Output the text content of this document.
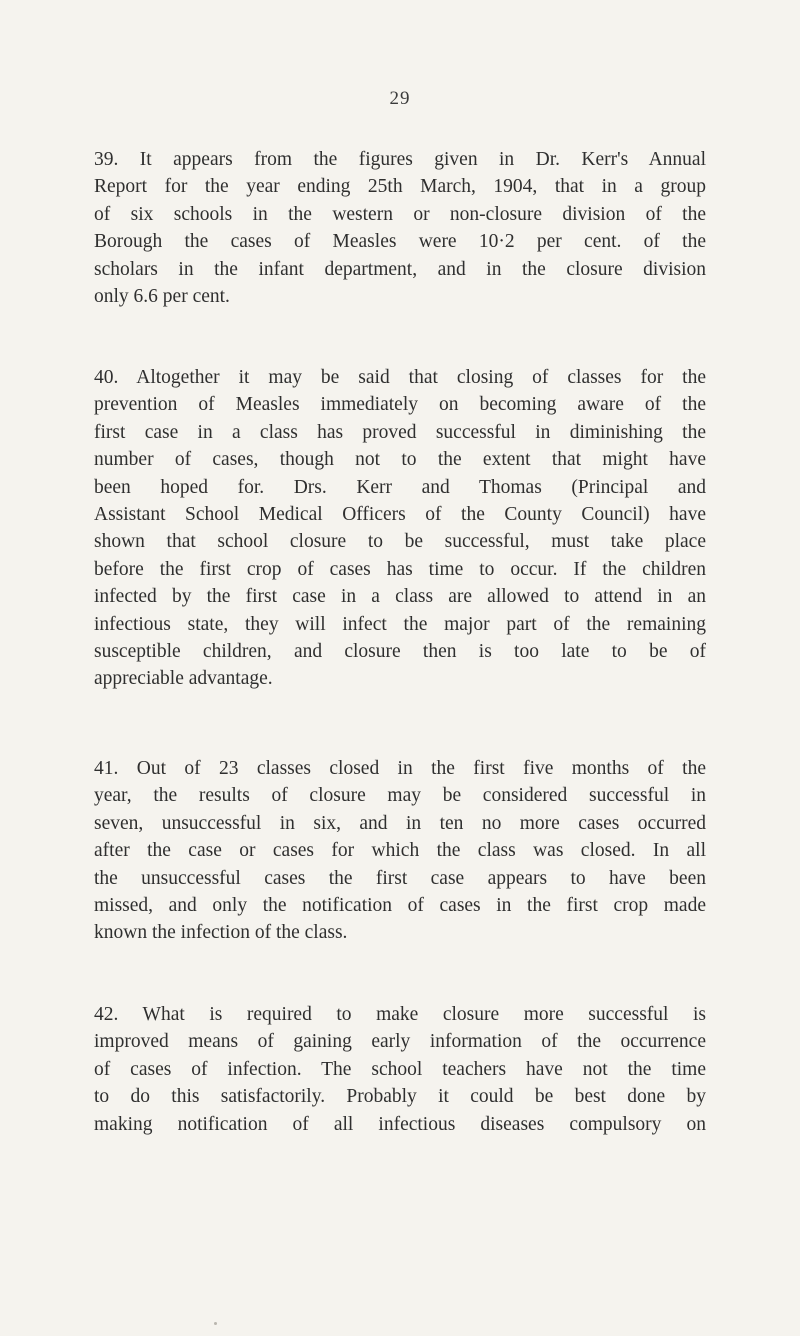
29
39. It appears from the figures given in Dr. Kerr's Annual
Report for the year ending 25th March, 1904, that in a group
of six schools in the western or non-closure division of the
Borough the cases of Measles were 10·2 per cent. of the
scholars in the infant department, and in the closure division
only 6.6 per cent.
40. Altogether it may be said that closing of classes for the
prevention of Measles immediately on becoming aware of the
first case in a class has proved successful in diminishing the
number of cases, though not to the extent that might have
been hoped for. Drs. Kerr and Thomas (Principal and
Assistant School Medical Officers of the County Council) have
shown that school closure to be successful, must take place
before the first crop of cases has time to occur. If the children
infected by the first case in a class are allowed to attend in an
infectious state, they will infect the major part of the remaining
susceptible children, and closure then is too late to be of
appreciable advantage.
41. Out of 23 classes closed in the first five months of the
year, the results of closure may be considered successful in
seven, unsuccessful in six, and in ten no more cases occurred
after the case or cases for which the class was closed. In all
the unsuccessful cases the first case appears to have been
missed, and only the notification of cases in the first crop made
known the infection of the class.
42. What is required to make closure more successful is
improved means of gaining early information of the occurrence
of cases of infection. The school teachers have not the time
to do this satisfactorily. Probably it could be best done by
making notification of all infectious diseases compulsory on
